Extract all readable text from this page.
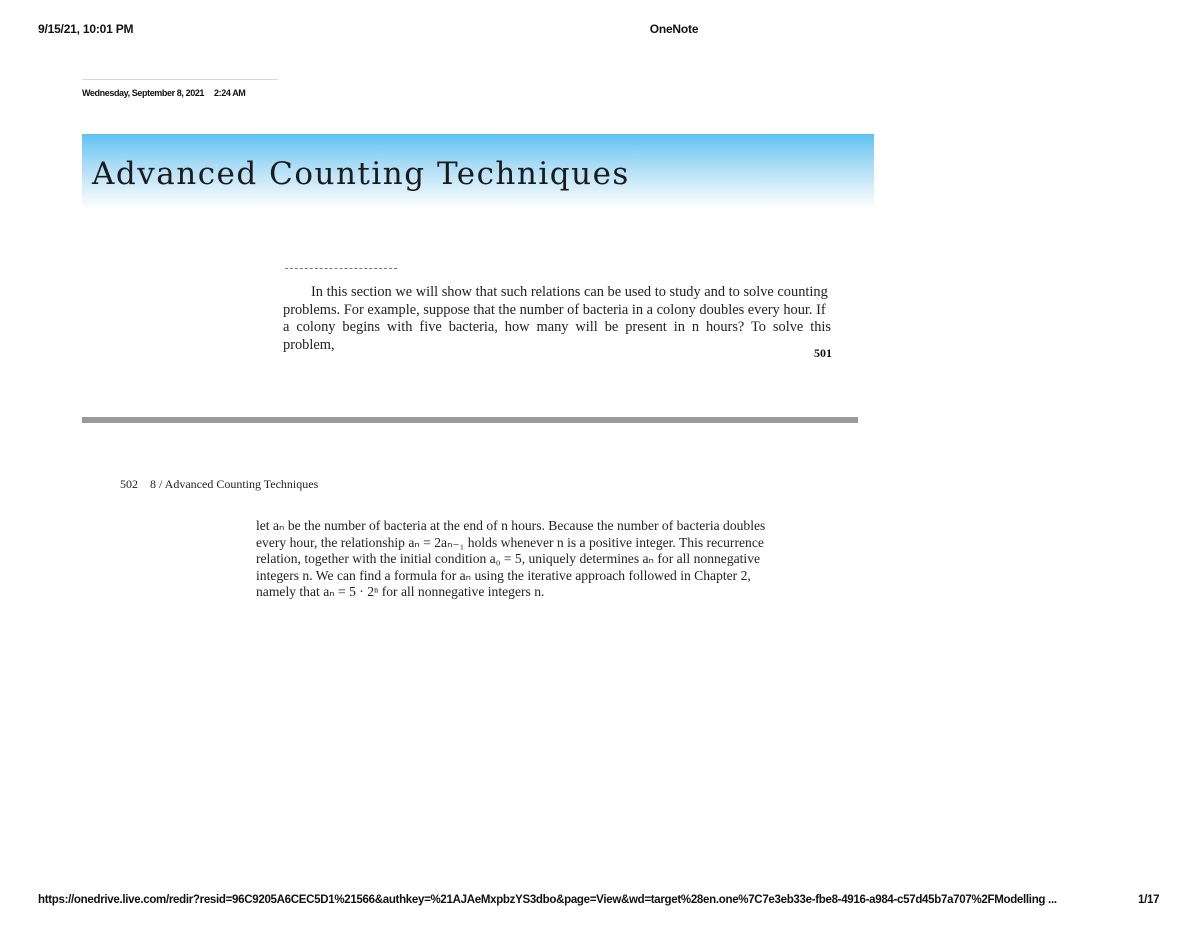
9/15/21, 10:01 PM	OneNote
Wednesday, September 8, 2021 2:24 AM
Advanced Counting Techniques

In this section we will show that such relations can be used to study and to solve counting
problems. For example, suppose that the number of bacteria in a colony doubles every hour. If
a colony begins with five bacteria, how many will be present in n hours? To solve this problem,

501
502 8 / Advanced Counting Techniques

let aₙ be the number of bacteria at the end of n hours. Because the number of bacteria doubles
every hour, the relationship aₙ = 2aₙ₋₁ holds whenever n is a positive integer. This recurrence
relation, together with the initial condition a₀ = 5, uniquely determines aₙ for all nonnegative
integers n. We can find a formula for aₙ using the iterative approach followed in Chapter 2,
namely that aₙ = 5 · 2ⁿ for all nonnegative integers n.

https://onedrive.live.com/redir?resid=96C9205A6CEC5D1%21566&authkey=%21AJAeMxpbzYS3dbo&page=View&wd=target%28en.one%7C7e3eb33e-fbe8-4916-a984-c57d45b7a707%2FModelling ...	1/17
